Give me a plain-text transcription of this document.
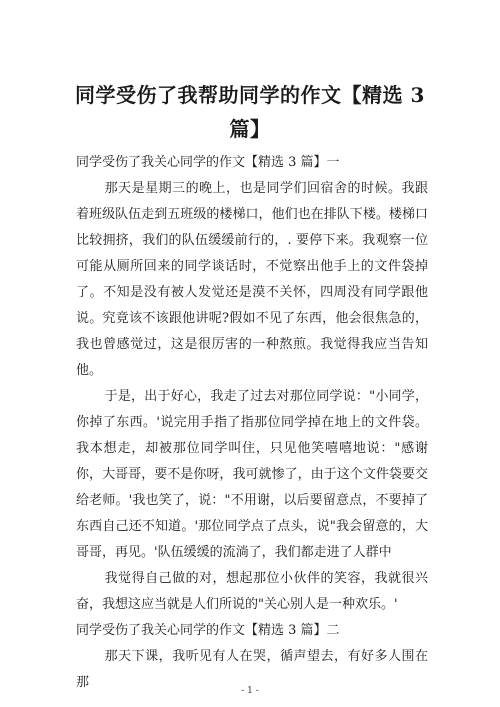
同学受伤了我帮助同学的作文【精选 3 篇】

同学受伤了我关心同学的作文【精选 3 篇】一

那天是星期三的晚上，也是同学们回宿舍的时候。我跟着班级队伍走到五班级的楼梯口，他们也在排队下楼。楼梯口比较拥挤，我们的队伍缓缓前行的，. 要停下来。我观察一位可能从厕所回来的同学谈话时，不觉察出他手上的文件袋掉了。不知是没有被人发觉还是漠不关怀，四周没有同学跟他说。究竟该不该跟他讲呢?假如不见了东西，他会很焦急的，我也曾感觉过，这是很厉害的一种熬煎。我觉得我应当告知他。

于是，出于好心，我走了过去对那位同学说："小同学，你掉了东西。'说完用手指了指那位同学掉在地上的文件袋。我本想走，却被那位同学叫住，只见他笑嘻嘻地说："感谢你，大哥哥，要不是你呀，我可就惨了，由于这个文件袋要交给老师。'我也笑了，说："不用谢，以后要留意点，不要掉了东西自己还不知道。'那位同学点了点头，说"我会留意的，大哥哥，再见。'队伍缓缓的流淌了，我们都走进了人群中

我觉得自己做的对，想起那位小伙伴的笑容，我就很兴奋，我想这应当就是人们所说的"关心别人是一种欢乐。'

同学受伤了我关心同学的作文【精选 3 篇】二

那天下课，我听见有人在哭，循声望去，有好多人围在那

- 1 -
